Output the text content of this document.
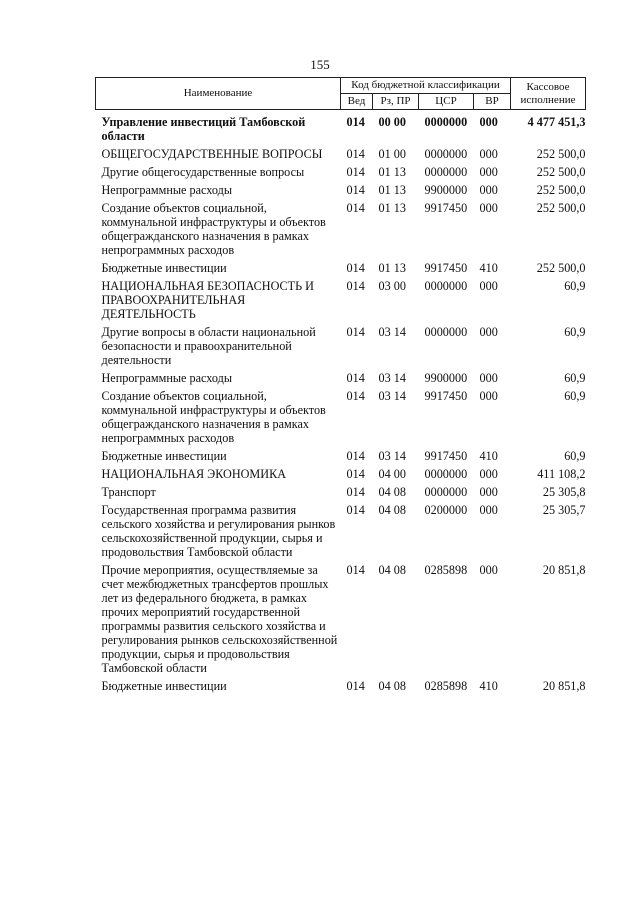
155
Наименование	Код бюджетной классификации				Кассовое исполнение
	Вед	Рз, ПР	ЦСР	ВР	
Управление инвестиций Тамбовской области	014	00 00	0000000	000	4 477 451,3
ОБЩЕГОСУДАРСТВЕННЫЕ ВОПРОСЫ	014	01 00	0000000	000	252 500,0
Другие общегосударственные вопросы	014	01 13	0000000	000	252 500,0
Непрограммные расходы	014	01 13	9900000	000	252 500,0
Создание объектов социальной, коммунальной инфраструктуры и объектов общегражданского назначения в рамках непрограммных расходов	014	01 13	9917450	000	252 500,0
Бюджетные инвестиции	014	01 13	9917450	410	252 500,0
НАЦИОНАЛЬНАЯ БЕЗОПАСНОСТЬ И ПРАВООХРАНИТЕЛЬНАЯ ДЕЯТЕЛЬНОСТЬ	014	03 00	0000000	000	60,9
Другие вопросы в области национальной безопасности и правоохранительной деятельности	014	03 14	0000000	000	60,9
Непрограммные расходы	014	03 14	9900000	000	60,9
Создание объектов социальной, коммунальной инфраструктуры и объектов общегражданского назначения в рамках непрограммных расходов	014	03 14	9917450	000	60,9
Бюджетные инвестиции	014	03 14	9917450	410	60,9
НАЦИОНАЛЬНАЯ ЭКОНОМИКА	014	04 00	0000000	000	411 108,2
Транспорт	014	04 08	0000000	000	25 305,8
Государственная программа развития сельского хозяйства и регулирования рынков сельскохозяйственной продукции, сырья и продовольствия Тамбовской области	014	04 08	0200000	000	25 305,7
Прочие мероприятия, осуществляемые за счет межбюджетных трансфертов прошлых лет из федерального бюджета, в рамках прочих мероприятий государственной программы развития сельского хозяйства и регулирования рынков сельскохозяйственной продукции, сырья и продовольствия Тамбовской области	014	04 08	0285898	000	20 851,8
Бюджетные инвестиции	014	04 08	0285898	410	20 851,8
